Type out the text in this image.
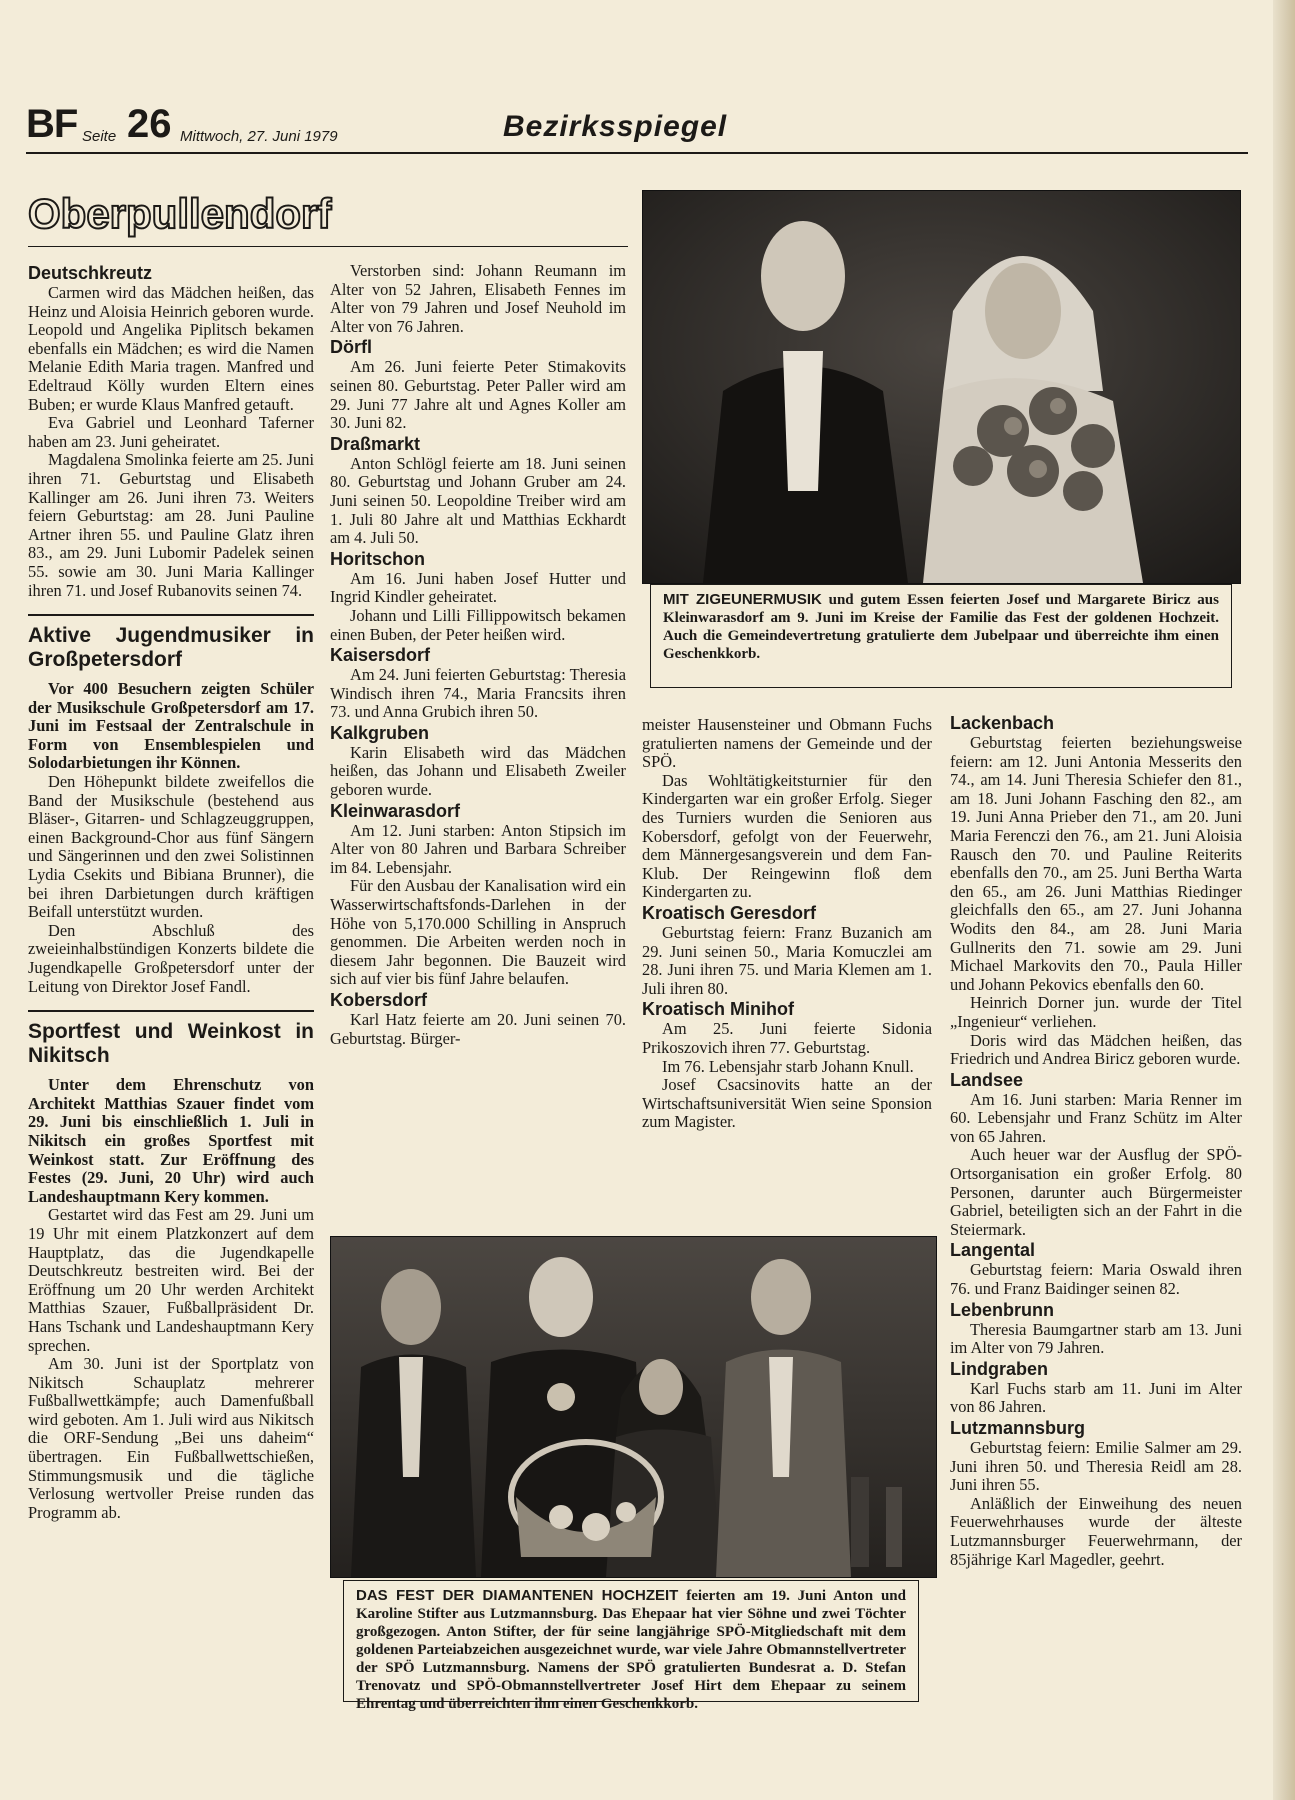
BF Seite 26 Mittwoch, 27. Juni 1979	Bezirksspiegel
Oberpullendorf

Deutschkreutz

Carmen wird das Mädchen heißen, das Heinz und Aloisia Heinrich geboren wurde. Leopold und Angelika Piplitsch bekamen ebenfalls ein Mädchen; es wird die Namen Melanie Edith Maria tragen. Manfred und Edeltraud Kölly wurden Eltern eines Buben; er wurde Klaus Manfred getauft.

Eva Gabriel und Leonhard Taferner haben am 23. Juni geheiratet.

Magdalena Smolinka feierte am 25. Juni ihren 71. Geburtstag und Elisabeth Kallinger am 26. Juni ihren 73. Weiters feiern Geburtstag: am 28. Juni Pauline Artner ihren 55. und Pauline Glatz ihren 83., am 29. Juni Lubomir Padelek seinen 55. sowie am 30. Juni Maria Kallinger ihren 71. und Josef Rubanovits seinen 74.

Aktive Jugendmusiker in Großpetersdorf

Vor 400 Besuchern zeigten Schüler der Musikschule Großpetersdorf am 17. Juni im Festsaal der Zentralschule in Form von Ensemblespielen und Solodarbietungen ihr Können.

Den Höhepunkt bildete zweifellos die Band der Musikschule (bestehend aus Bläser-, Gitarren- und Schlagzeuggruppen, einen Background-Chor aus fünf Sängern und Sängerinnen und den zwei Solistinnen Lydia Csekits und Bibiana Brunner), die bei ihren Darbietungen durch kräftigen Beifall unterstützt wurden.

Den Abschluß des zweieinhalbstündigen Konzerts bildete die Jugendkapelle Großpetersdorf unter der Leitung von Direktor Josef Fandl.

Sportfest und Weinkost in Nikitsch

Unter dem Ehrenschutz von Architekt Matthias Szauer findet vom 29. Juni bis einschließlich 1. Juli in Nikitsch ein großes Sportfest mit Weinkost statt. Zur Eröffnung des Festes (29. Juni, 20 Uhr) wird auch Landeshauptmann Kery kommen.

Gestartet wird das Fest am 29. Juni um 19 Uhr mit einem Platzkonzert auf dem Hauptplatz, das die Jugendkapelle Deutschkreutz bestreiten wird. Bei der Eröffnung um 20 Uhr werden Architekt Matthias Szauer, Fußballpräsident Dr. Hans Tschank und Landeshauptmann Kery sprechen.

Am 30. Juni ist der Sportplatz von Nikitsch Schauplatz mehrerer Fußballwettkämpfe; auch Damenfußball wird geboten. Am 1. Juli wird aus Nikitsch die ORF-Sendung „Bei uns daheim“ übertragen. Ein Fußballwettschießen, Stimmungsmusik und die tägliche Verlosung wertvoller Preise runden das Programm ab.

Verstorben sind: Johann Reumann im Alter von 52 Jahren, Elisabeth Fennes im Alter von 79 Jahren und Josef Neuhold im Alter von 76 Jahren.

Dörfl

Am 26. Juni feierte Peter Stimakovits seinen 80. Geburtstag. Peter Paller wird am 29. Juni 77 Jahre alt und Agnes Koller am 30. Juni 82.

Draßmarkt

Anton Schlögl feierte am 18. Juni seinen 80. Geburtstag und Johann Gruber am 24. Juni seinen 50. Leopoldine Treiber wird am 1. Juli 80 Jahre alt und Matthias Eckhardt am 4. Juli 50.

Horitschon

Am 16. Juni haben Josef Hutter und Ingrid Kindler geheiratet.

Johann und Lilli Fillippowitsch bekamen einen Buben, der Peter heißen wird.

Kaisersdorf

Am 24. Juni feierten Geburtstag: Theresia Windisch ihren 74., Maria Francsits ihren 73. und Anna Grubich ihren 50.

Kalkgruben

Karin Elisabeth wird das Mädchen heißen, das Johann und Elisabeth Zweiler geboren wurde.

Kleinwarasdorf

Am 12. Juni starben: Anton Stipsich im Alter von 80 Jahren und Barbara Schreiber im 84. Lebensjahr.

Für den Ausbau der Kanalisation wird ein Wasserwirtschaftsfonds-Darlehen in der Höhe von 5,170.000 Schilling in Anspruch genommen. Die Arbeiten werden noch in diesem Jahr begonnen. Die Bauzeit wird sich auf vier bis fünf Jahre belaufen.

Kobersdorf

Karl Hatz feierte am 20. Juni seinen 70. Geburtstag. Bürger-

MIT ZIGEUNERMUSIK und gutem Essen feierten Josef und Margarete Biricz aus Kleinwarasdorf am 9. Juni im Kreise der Familie das Fest der goldenen Hochzeit. Auch die Gemeindevertretung gratulierte dem Jubelpaar und überreichte ihm einen Geschenkkorb.

meister Hausensteiner und Obmann Fuchs gratulierten namens der Gemeinde und der SPÖ.

Das Wohltätigkeitsturnier für den Kindergarten war ein großer Erfolg. Sieger des Turniers wurden die Senioren aus Kobersdorf, gefolgt von der Feuerwehr, dem Männergesangsverein und dem Fan-Klub. Der Reingewinn floß dem Kindergarten zu.

Kroatisch Geresdorf

Geburtstag feiern: Franz Buzanich am 29. Juni seinen 50., Maria Komuczlei am 28. Juni ihren 75. und Maria Klemen am 1. Juli ihren 80.

Kroatisch Minihof

Am 25. Juni feierte Sidonia Prikoszovich ihren 77. Geburtstag.

Im 76. Lebensjahr starb Johann Knull.

Josef Csacsinovits hatte an der Wirtschaftsuniversität Wien seine Sponsion zum Magister.

Lackenbach

Geburtstag feierten beziehungsweise feiern: am 12. Juni Antonia Messerits den 74., am 14. Juni Theresia Schiefer den 81., am 18. Juni Johann Fasching den 82., am 19. Juni Anna Prieber den 71., am 20. Juni Maria Ferenczi den 76., am 21. Juni Aloisia Rausch den 70. und Pauline Reiterits ebenfalls den 70., am 25. Juni Bertha Warta den 65., am 26. Juni Matthias Riedinger gleichfalls den 65., am 27. Juni Johanna Wodits den 84., am 28. Juni Maria Gullnerits den 71. sowie am 29. Juni Michael Markovits den 70., Paula Hiller und Johann Pekovics ebenfalls den 60.

Heinrich Dorner jun. wurde der Titel „Ingenieur“ verliehen.

Doris wird das Mädchen heißen, das Friedrich und Andrea Bіricz geboren wurde.

Landsee

Am 16. Juni starben: Maria Renner im 60. Lebensjahr und Franz Schütz im Alter von 65 Jahren.

Auch heuer war der Ausflug der SPÖ-Ortsorganisation ein großer Erfolg. 80 Personen, darunter auch Bürgermeister Gabriel, beteiligten sich an der Fahrt in die Steiermark.

Langental

Geburtstag feiern: Maria Oswald ihren 76. und Franz Baidinger seinen 82.

Lebenbrunn

Theresia Baumgartner starb am 13. Juni im Alter von 79 Jahren.

Lindgraben

Karl Fuchs starb am 11. Juni im Alter von 86 Jahren.

Lutzmannsburg

Geburtstag feiern: Emilie Salmer am 29. Juni ihren 50. und Theresia Reidl am 28. Juni ihren 55.

Anläßlich der Einweihung des neuen Feuerwehrhauses wurde der älteste Lutzmannsburger Feuerwehrmann, der 85jährige Karl Magedler, geehrt.

DAS FEST DER DIAMANTENEN HOCHZEIT feierten am 19. Juni Anton und Karoline Stifter aus Lutzmannsburg. Das Ehepaar hat vier Söhne und zwei Töchter großgezogen. Anton Stifter, der für seine langjährige SPÖ-Mitgliedschaft mit dem goldenen Parteiabzeichen ausgezeichnet wurde, war viele Jahre Obmannstellvertreter der SPÖ Lutzmannsburg. Namens der SPÖ gratulierten Bundesrat a. D. Stefan Trenovatz und SPÖ-Obmannstellvertreter Josef Hirt dem Ehepaar zu seinem Ehrentag und überreichten ihm einen Geschenkkorb.
